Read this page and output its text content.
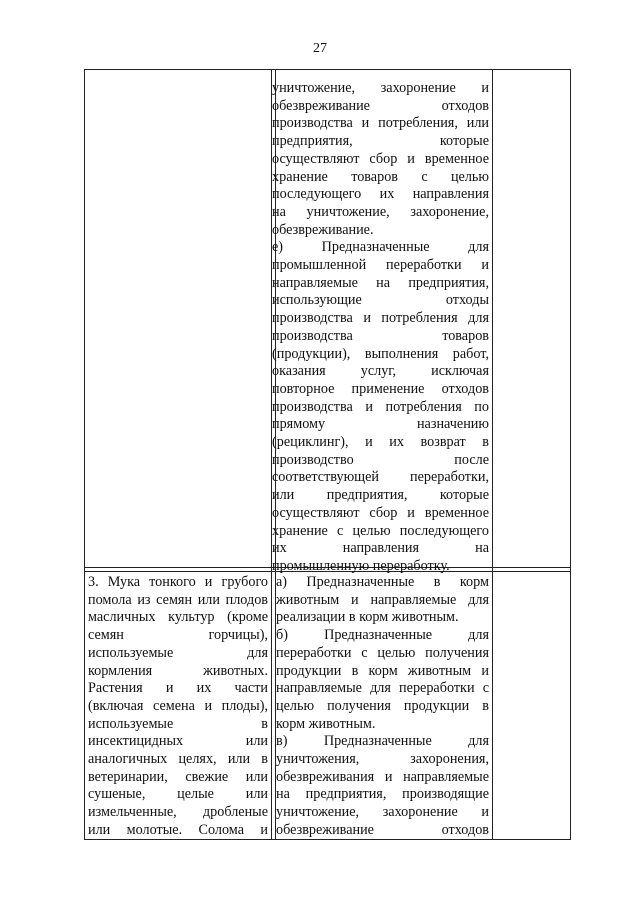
27
уничтожение, захоронение и
обезвреживание отходов
производства и потребления, или
предприятия, которые
осуществляют сбор и временное
хранение товаров с целью
последующего их направления
на уничтожение, захоронение,
обезвреживание.
е) Предназначенные для
промышленной переработки и
направляемые на предприятия,
использующие отходы
производства и потребления для
производства товаров
(продукции), выполнения работ,
оказания услуг, исключая
повторное применение отходов
производства и потребления по
прямому назначению
(рециклинг), и их возврат в
производство после
соответствующей переработки,
или предприятия, которые
осуществляют сбор и временное
хранение с целью последующего
их направления на
промышленную переработку.
3. Мука тонкого и грубого
помола из семян или плодов
масличных культур (кроме
семян горчицы),
используемые для
кормления животных.
Растения и их части
(включая семена и плоды),
используемые в
инсектицидных или
аналогичных целях, или в
ветеринарии, свежие или
сушеные, целые или
измельченные, дробленые
или молотые. Солома и
а) Предназначенные в корм
животным и направляемые для
реализации в корм животным.
б) Предназначенные для
переработки с целью получения
продукции в корм животным и
направляемые для переработки с
целью получения продукции в
корм животным.
в) Предназначенные для
уничтожения, захоронения,
обезвреживания и направляемые
на предприятия, производящие
уничтожение, захоронение и
обезвреживание отходов
